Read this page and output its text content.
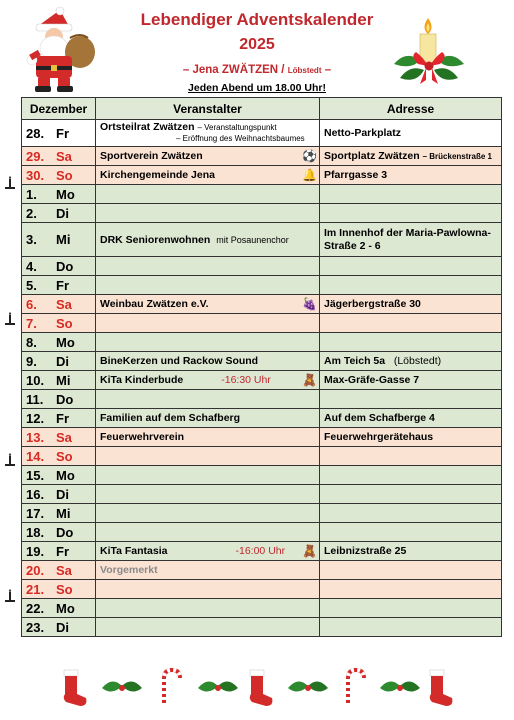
Lebendiger Adventskalender
2025
– Jena ZWÄTZEN / Löbstedt –
Jeden Abend um 18.00 Uhr!
Dezember	Veranstalter	Adresse
28. Fr	Ortsteilrat Zwätzen – Veranstaltungspunkt
– Eröffnung des Weihnachtsbaumes	Netto-Parkplatz
29. Sa	Sportverein Zwätzen ⚽	Sportplatz Zwätzen – Brückenstraße 1
30. So	Kirchengemeinde Jena 🔔	Pfarrgasse 3
1. Mo		
2. Di		
3. Mi	DRK Seniorenwohnen mit Posaunenchor	Im Innenhof der Maria-Pawlowna-Straße 2 - 6
4. Do		
5. Fr		
6. Sa	Weinbau Zwätzen e.V. 🍇	Jägerbergstraße 30
7. So		
8. Mo		
9. Di	BineKerzen und Rackow Sound	Am Teich 5a (Löbstedt)
10. Mi	KiTa Kinderbude -16:30 Uhr 🧸	Max-Gräfe-Gasse 7
11. Do		
12. Fr	Familien auf dem Schafberg	Auf dem Schafberge 4
13. Sa	Feuerwehrverein	Feuerwehrgerätehaus
14. So		
15. Mo		
16. Di		
17. Mi		
18. Do		
19. Fr	KiTa Fantasia -16:00 Uhr 🧸	Leibnizstraße 25
20. Sa	Vorgemerkt	
21. So		
22. Mo		
23. Di		
